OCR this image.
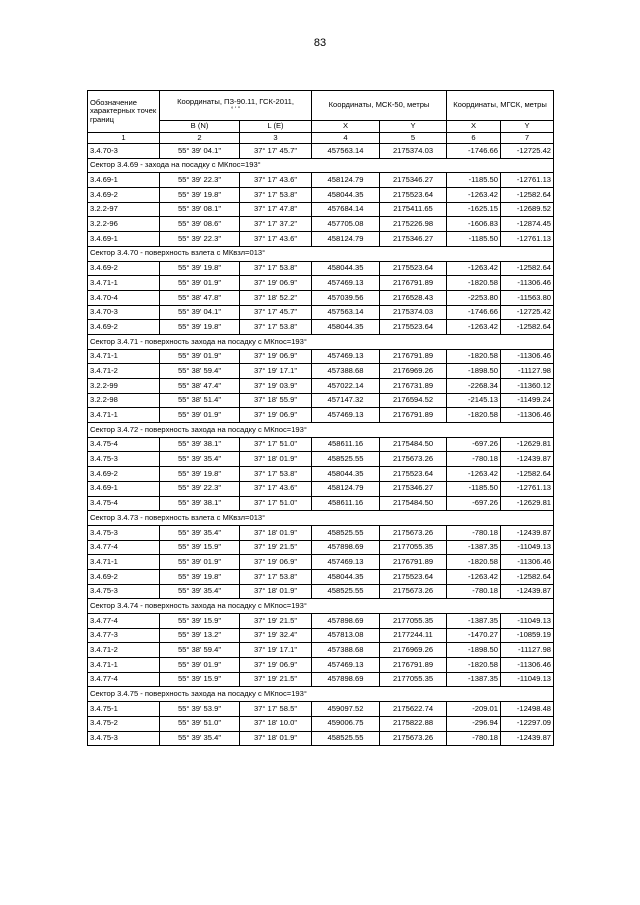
83
Обозначение характерных точек границ	Координаты, ПЗ-90.11, ГСК-2011,
° ' "		Координаты, МСК-50, метры		Координаты, МГСК, метры	
	B (N)	L (E)	X	Y	X	Y
1	2	3	4	5	6	7
3.4.70-3	55° 39' 04.1"	37° 17' 45.7"	457563.14	2175374.03	-1746.66	-12725.42
Сектор 3.4.69 - захода на посадку с МКпос=193°						
3.4.69-1	55° 39' 22.3"	37° 17' 43.6"	458124.79	2175346.27	-1185.50	-12761.13
3.4.69-2	55° 39' 19.8"	37° 17' 53.8"	458044.35	2175523.64	-1263.42	-12582.64
3.2.2-97	55° 39' 08.1"	37° 17' 47.8"	457684.14	2175411.65	-1625.15	-12689.52
3.2.2-96	55° 39' 08.6"	37° 17' 37.2"	457705.08	2175226.98	-1606.83	-12874.45
3.4.69-1	55° 39' 22.3"	37° 17' 43.6"	458124.79	2175346.27	-1185.50	-12761.13
Сектор 3.4.70 - поверхность взлета с МКвзл=013°						
3.4.69-2	55° 39' 19.8"	37° 17' 53.8"	458044.35	2175523.64	-1263.42	-12582.64
3.4.71-1	55° 39' 01.9"	37° 19' 06.9"	457469.13	2176791.89	-1820.58	-11306.46
3.4.70-4	55° 38' 47.8"	37° 18' 52.2"	457039.56	2176528.43	-2253.80	-11563.80
3.4.70-3	55° 39' 04.1"	37° 17' 45.7"	457563.14	2175374.03	-1746.66	-12725.42
3.4.69-2	55° 39' 19.8"	37° 17' 53.8"	458044.35	2175523.64	-1263.42	-12582.64
Сектор 3.4.71 - поверхность захода на посадку с МКпос=193°						
3.4.71-1	55° 39' 01.9"	37° 19' 06.9"	457469.13	2176791.89	-1820.58	-11306.46
3.4.71-2	55° 38' 59.4"	37° 19' 17.1"	457388.68	2176969.26	-1898.50	-11127.98
3.2.2-99	55° 38' 47.4"	37° 19' 03.9"	457022.14	2176731.89	-2268.34	-11360.12
3.2.2-98	55° 38' 51.4"	37° 18' 55.9"	457147.32	2176594.52	-2145.13	-11499.24
3.4.71-1	55° 39' 01.9"	37° 19' 06.9"	457469.13	2176791.89	-1820.58	-11306.46
Сектор 3.4.72 - поверхность захода на посадку с МКпос=193°						
3.4.75-4	55° 39' 38.1"	37° 17' 51.0"	458611.16	2175484.50	-697.26	-12629.81
3.4.75-3	55° 39' 35.4"	37° 18' 01.9"	458525.55	2175673.26	-780.18	-12439.87
3.4.69-2	55° 39' 19.8"	37° 17' 53.8"	458044.35	2175523.64	-1263.42	-12582.64
3.4.69-1	55° 39' 22.3"	37° 17' 43.6"	458124.79	2175346.27	-1185.50	-12761.13
3.4.75-4	55° 39' 38.1"	37° 17' 51.0"	458611.16	2175484.50	-697.26	-12629.81
Сектор 3.4.73 - поверхность взлета с МКвзл=013°						
3.4.75-3	55° 39' 35.4"	37° 18' 01.9"	458525.55	2175673.26	-780.18	-12439.87
3.4.77-4	55° 39' 15.9"	37° 19' 21.5"	457898.69	2177055.35	-1387.35	-11049.13
3.4.71-1	55° 39' 01.9"	37° 19' 06.9"	457469.13	2176791.89	-1820.58	-11306.46
3.4.69-2	55° 39' 19.8"	37° 17' 53.8"	458044.35	2175523.64	-1263.42	-12582.64
3.4.75-3	55° 39' 35.4"	37° 18' 01.9"	458525.55	2175673.26	-780.18	-12439.87
Сектор 3.4.74 - поверхность захода на посадку с МКпос=193°						
3.4.77-4	55° 39' 15.9"	37° 19' 21.5"	457898.69	2177055.35	-1387.35	-11049.13
3.4.77-3	55° 39' 13.2"	37° 19' 32.4"	457813.08	2177244.11	-1470.27	-10859.19
3.4.71-2	55° 38' 59.4"	37° 19' 17.1"	457388.68	2176969.26	-1898.50	-11127.98
3.4.71-1	55° 39' 01.9"	37° 19' 06.9"	457469.13	2176791.89	-1820.58	-11306.46
3.4.77-4	55° 39' 15.9"	37° 19' 21.5"	457898.69	2177055.35	-1387.35	-11049.13
Сектор 3.4.75 - поверхность захода на посадку с МКпос=193°						
3.4.75-1	55° 39' 53.9"	37° 17' 58.5"	459097.52	2175622.74	-209.01	-12498.48
3.4.75-2	55° 39' 51.0"	37° 18' 10.0"	459006.75	2175822.88	-296.94	-12297.09
3.4.75-3	55° 39' 35.4"	37° 18' 01.9"	458525.55	2175673.26	-780.18	-12439.87
